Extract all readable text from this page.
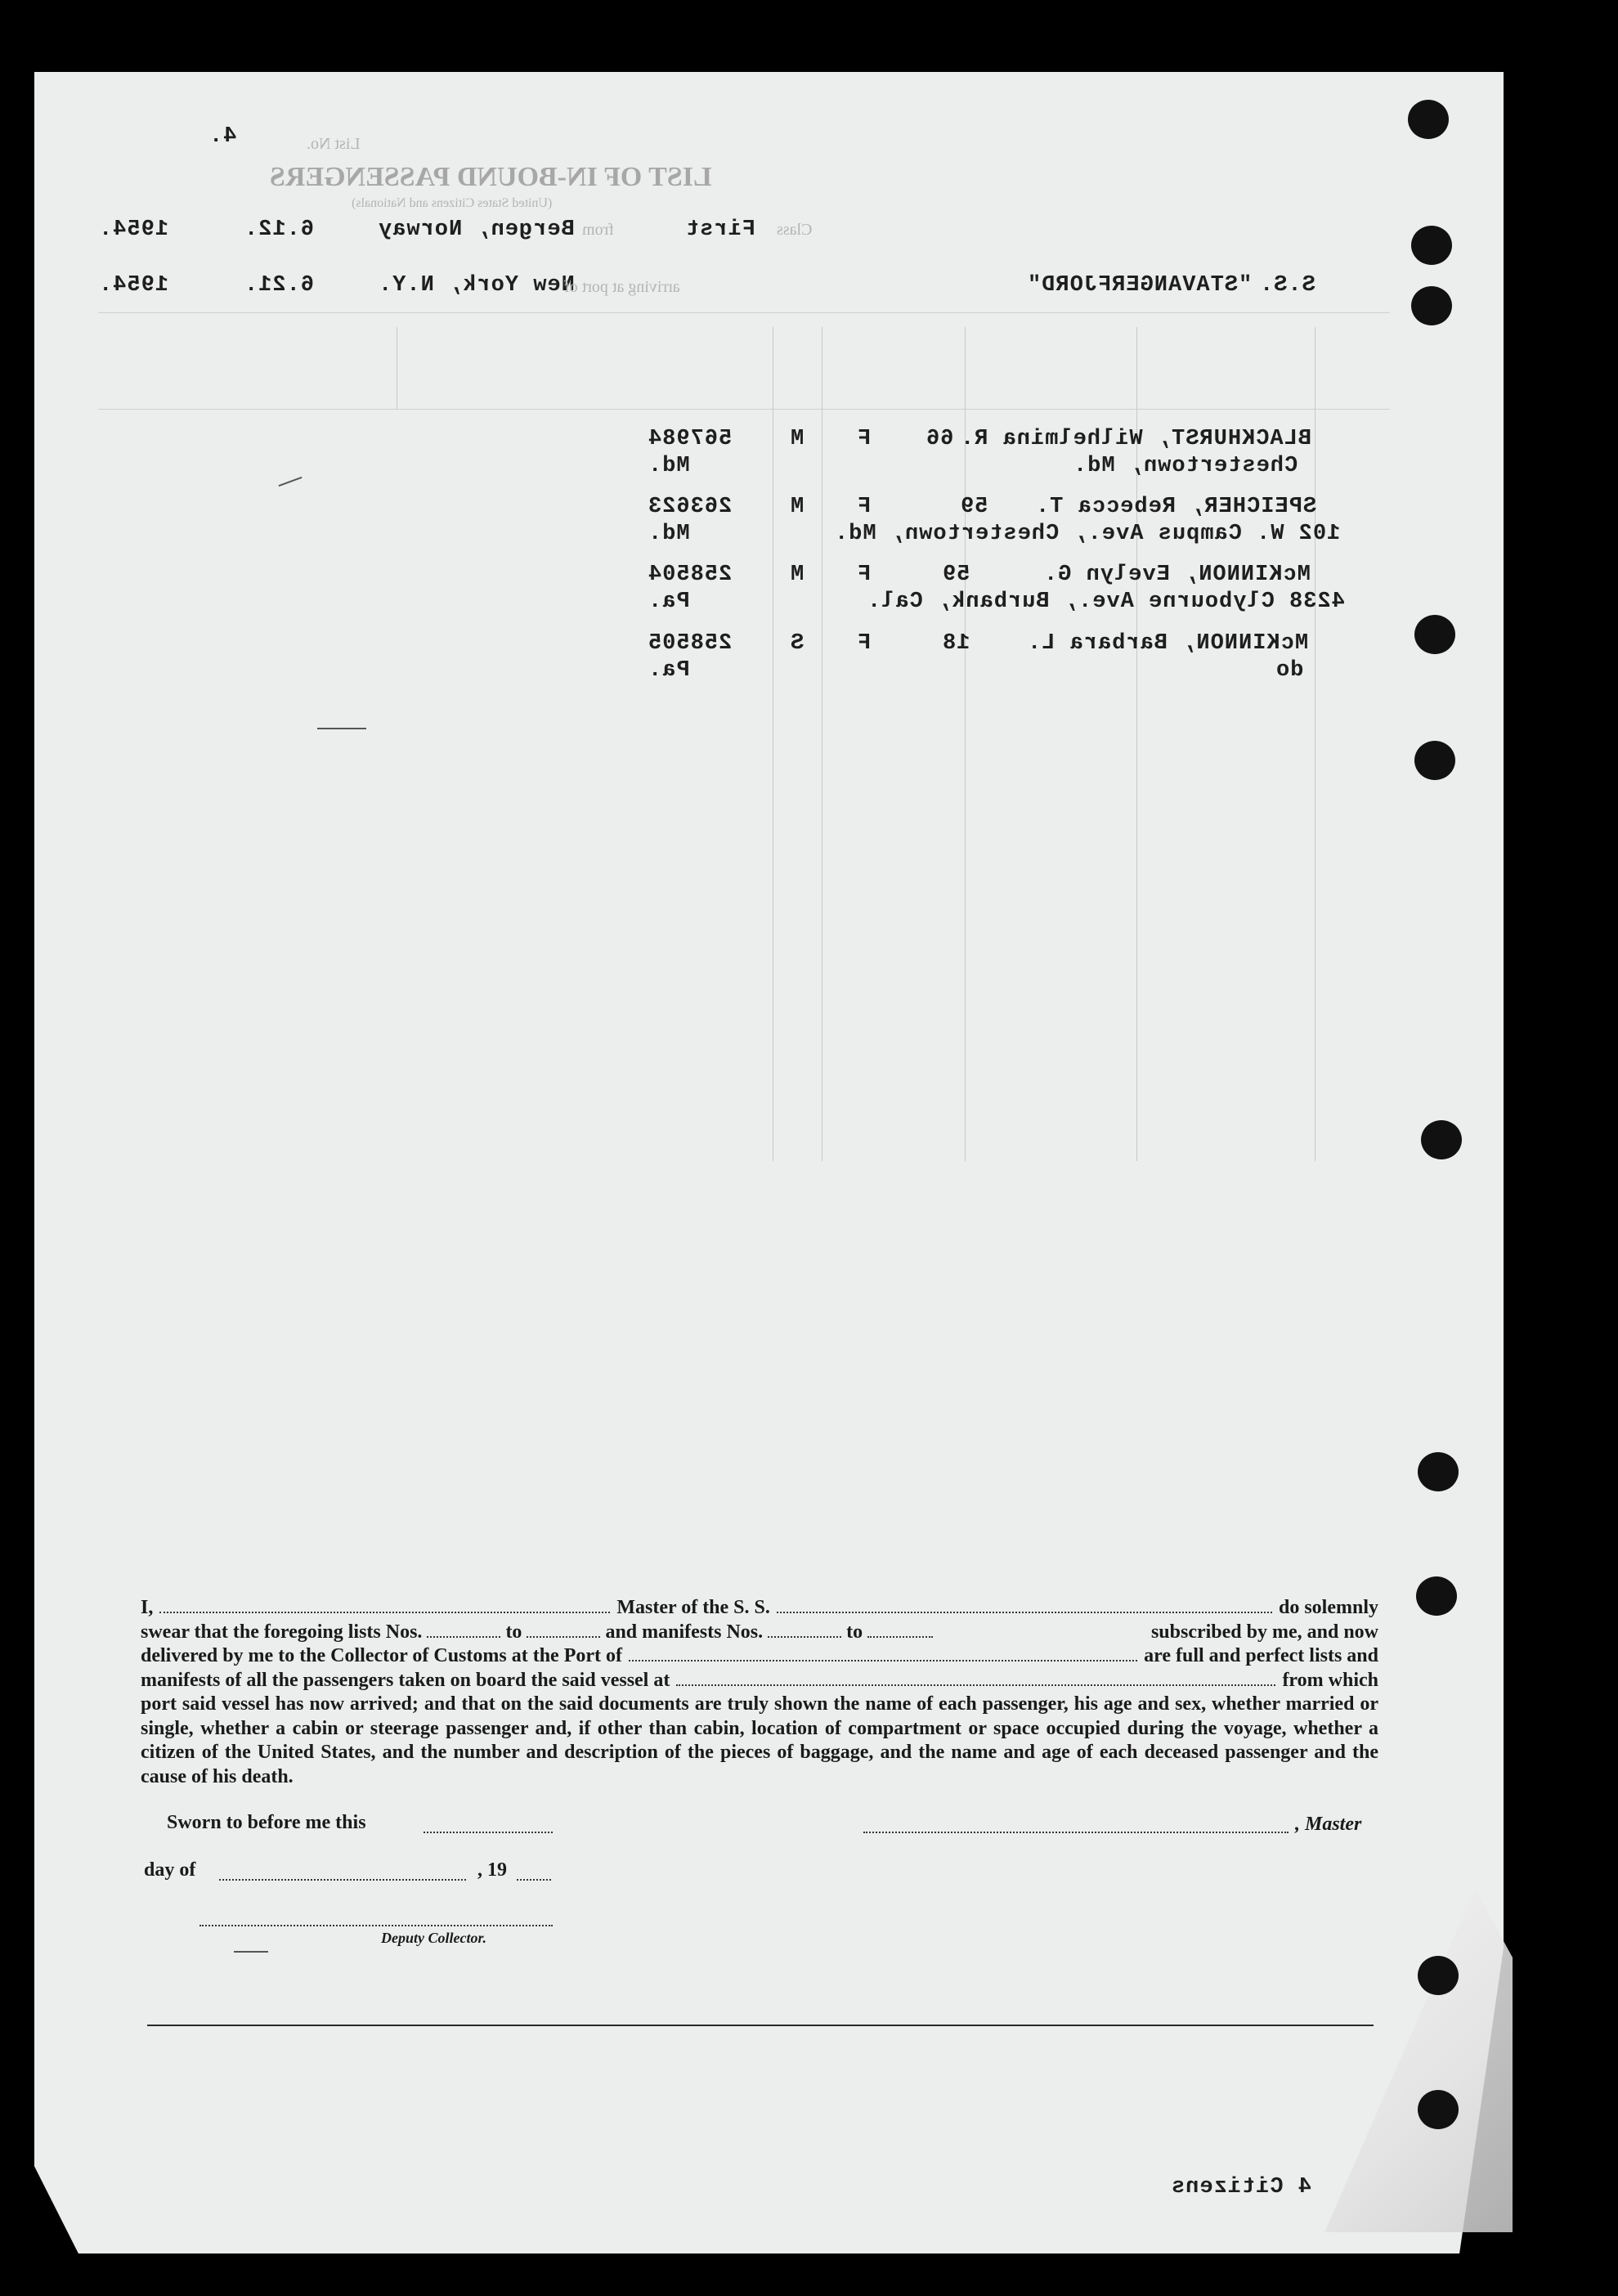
4.	List No.
LIST OF IN-BOUND PASSENGERS
(United States Citizens and Nationals)
1954.	6.12.	Bergen, Norway from	First Class
1954.	6.21.	New York, N.Y.
arriving at port of	"STAVANGERFJORD" S.S.
567984	M F 66 BLACKHURST, Wilhelmina R.
Md.	Chestertown, Md.
263623	M F	59 SPEICHER, Rebecca T.
Md.	102 W. Campus Ave., Chestertown, Md.
258504	M F	59	McKINNON, Evelyn G.
Pa.	4238 Clybourne Ave., Burbank, Cal.
258505	S F	18	McKINNON, Barbara L.
Pa.	do

I,	Master of the S. S.	do solemnly

swear that the foregoing lists Nos.	to	and manifests Nos.	to	subscribed by me, and now

delivered by me to the Collector of Customs at the Port of	are full and perfect lists and

manifests of all the passengers taken on board the said vessel at	from which

port said vessel has now arrived; and that on the said documents are truly shown the name of each passenger, his age and sex, whether married or single, whether a cabin or steerage passenger and, if other than cabin, location of compartment or space occupied during the voyage, whether a citizen of the United States, and the number and description of the pieces of baggage, and the name and age of each deceased passenger and the cause of his death.

Sworn to before me this	, Master
day of	, 19
Deputy Collector.
4 Citizens
